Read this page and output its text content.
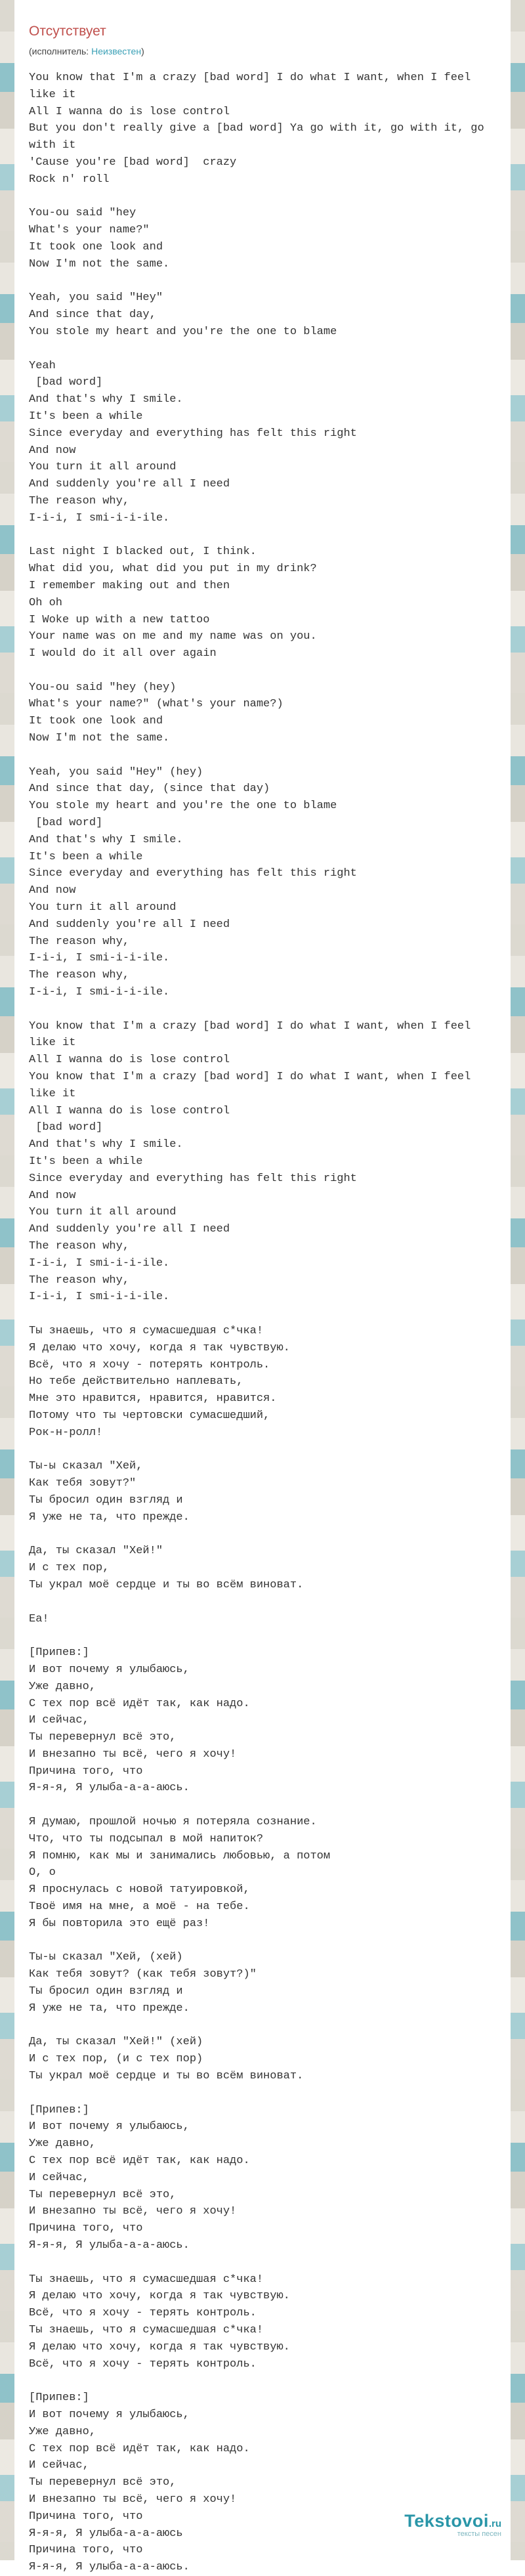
Отсутствует
(исполнитель: Неизвестен)
You know that I'm a crazy [bad word] I do what I want, when I feel like it
All I wanna do is lose control
But you don't really give a [bad word] Ya go with it, go with it, go with it
'Cause you're [bad word]  crazy
Rock n' roll

You-ou said "hey
What's your name?"
It took one look and
Now I'm not the same.

Yeah, you said "Hey"
And since that day,
You stole my heart and you're the one to blame

Yeah
[bad word]
And that's why I smile.
It's been a while
Since everyday and everything has felt this right
And now
You turn it all around
And suddenly you're all I need
The reason why,
I-i-i, I smi-i-i-ile.

Last night I blacked out, I think.
What did you, what did you put in my drink?
I remember making out and then
Oh oh
I Woke up with a new tattoo
Your name was on me and my name was on you.
I would do it all over again

You-ou said "hey (hey)
What's your name?" (what's your name?)
It took one look and
Now I'm not the same.

Yeah, you said "Hey" (hey)
And since that day, (since that day)
You stole my heart and you're the one to blame
[bad word]
And that's why I smile.
It's been a while
Since everyday and everything has felt this right
And now
You turn it all around
And suddenly you're all I need
The reason why,
I-i-i, I smi-i-i-ile.
The reason why,
I-i-i, I smi-i-i-ile.

You know that I'm a crazy [bad word] I do what I want, when I feel like it
All I wanna do is lose control
You know that I'm a crazy [bad word] I do what I want, when I feel like it
All I wanna do is lose control
[bad word]
And that's why I smile.
It's been a while
Since everyday and everything has felt this right
And now
You turn it all around
And suddenly you're all I need
The reason why,
I-i-i, I smi-i-i-ile.
The reason why,
I-i-i, I smi-i-i-ile.

Ты знаешь, что я сумасшедшая с*чка!
Я делаю что хочу, когда я так чувствую.
Всё, что я хочу - потерять контроль.
Но тебе действительно наплевать,
Мне это нравится, нравится, нравится.
Потому что ты чертовски сумасшедший,
Рок-н-ролл!

Ты-ы сказал "Хей,
Как тебя зовут?"
Ты бросил один взгляд и
Я уже не та, что прежде.

Да, ты сказал "Хей!"
И с тех пор,
Ты украл моё сердце и ты во всём виноват.

Еа!

[Припев:]
И вот почему я улыбаюсь,
Уже давно,
С тех пор всё идёт так, как надо.
И сейчас,
Ты перевернул всё это,
И внезапно ты всё, чего я хочу!
Причина того, что
Я-я-я, Я улыба-а-а-аюсь.

Я думаю, прошлой ночью я потеряла сознание.
Что, что ты подсыпал в мой напиток?
Я помню, как мы и занимались любовью, а потом
О, о
Я проснулась с новой татуировкой,
Твоё имя на мне, а моё - на тебе.
Я бы повторила это ещё раз!

Ты-ы сказал "Хей, (хей)
Как тебя зовут? (как тебя зовут?)"
Ты бросил один взгляд и
Я уже не та, что прежде.

Да, ты сказал "Хей!" (хей)
И с тех пор, (и с тех пор)
Ты украл моё сердце и ты во всём виноват.

[Припев:]
И вот почему я улыбаюсь,
Уже давно,
С тех пор всё идёт так, как надо.
И сейчас,
Ты перевернул всё это,
И внезапно ты всё, чего я хочу!
Причина того, что
Я-я-я, Я улыба-а-а-аюсь.

Ты знаешь, что я сумасшедшая с*чка!
Я делаю что хочу, когда я так чувствую.
Всё, что я хочу - терять контроль.
Ты знаешь, что я сумасшедшая с*чка!
Я делаю что хочу, когда я так чувствую.
Всё, что я хочу - терять контроль.

[Припев:]
И вот почему я улыбаюсь,
Уже давно,
С тех пор всё идёт так, как надо.
И сейчас,
Ты перевернул всё это,
И внезапно ты всё, чего я хочу!
Причина того, что
Я-я-я, Я улыба-а-а-аюсь
Причина того, что
Я-я-я, Я улыба-а-а-аюсь.
Tekstovoi.ru
тексты песен
